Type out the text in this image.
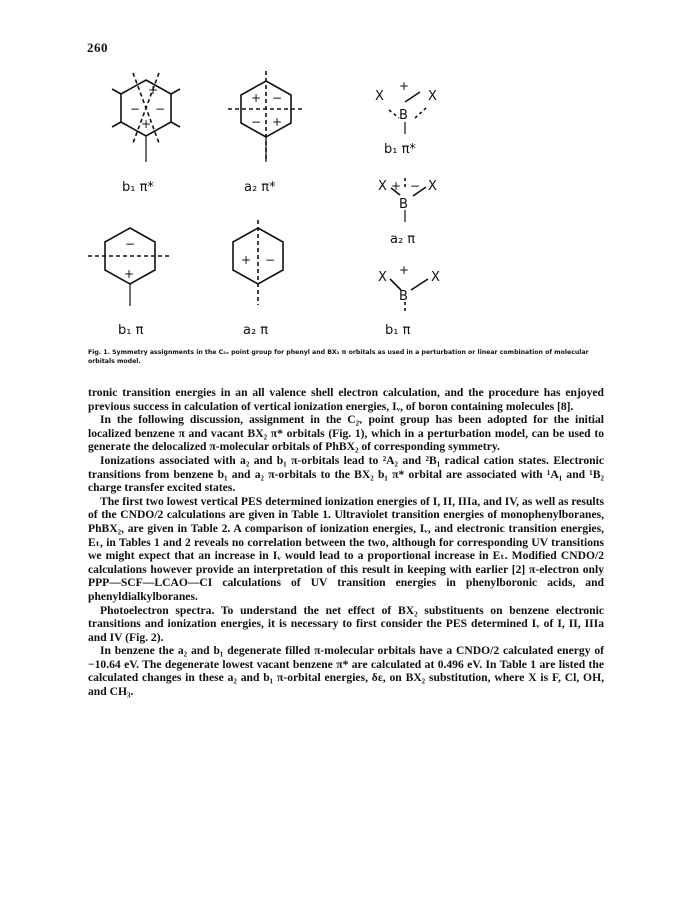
260
+
− −
+
+ −
− +
−
+
+ −
X
+
X
B
X + − X
B
X + X
B
b₁ π*	a₂ π*
b₁ π*
a₂ π
b₁ π	a₂ π	b₁ π
Fig. 1. Symmetry assignments in the C₂ᵥ point group for phenyl and BX₂ π orbitals as used in a perturbation or linear combination of molecular orbitals model.

tronic transition energies in an all valence shell electron calculation, and the procedure has enjoyed previous success in calculation of vertical ionization energies, Iᵥ, of boron containing molecules [8].

In the following discussion, assignment in the C₂ᵥ point group has been adopted for the initial localized benzene π and vacant BX₂ π* orbitals (Fig. 1), which in a perturbation model, can be used to generate the delocalized π-molecular orbitals of PhBX₂ of corresponding symmetry.

Ionizations associated with a₂ and b₁ π-orbitals lead to ²A₂ and ²B₁ radical cation states. Electronic transitions from benzene b₁ and a₂ π-orbitals to the BX₂ b₁ π* orbital are associated with ¹A₁ and ¹B₂ charge transfer excited states.

The first two lowest vertical PES determined ionization energies of I, II, IIIa, and IV, as well as results of the CNDO/2 calculations are given in Table 1. Ultraviolet transition energies of monophenylboranes, PhBX₂, are given in Table 2. A comparison of ionization energies, Iᵥ, and electronic transition energies, Eₜ, in Tables 1 and 2 reveals no correlation between the two, although for corresponding UV transitions we might expect that an increase in Iᵥ would lead to a proportional increase in Eₜ. Modified CNDO/2 calculations however provide an interpretation of this result in keeping with earlier [2] π-electron only PPP—SCF—LCAO—CI calculations of UV transition energies in phenylboronic acids, and phenyldialkylboranes.

Photoelectron spectra. To understand the net effect of BX₂ substituents on benzene electronic transitions and ionization energies, it is necessary to first consider the PES determined Iᵥ of I, II, IIIa and IV (Fig. 2).

In benzene the a₂ and b₁ degenerate filled π-molecular orbitals have a CNDO/2 calculated energy of −10.64 eV. The degenerate lowest vacant benzene π* are calculated at 0.496 eV. In Table 1 are listed the calculated changes in these a₂ and b₁ π-orbital energies, δε, on BX₂ substitution, where X is F, Cl, OH, and CH₃.
